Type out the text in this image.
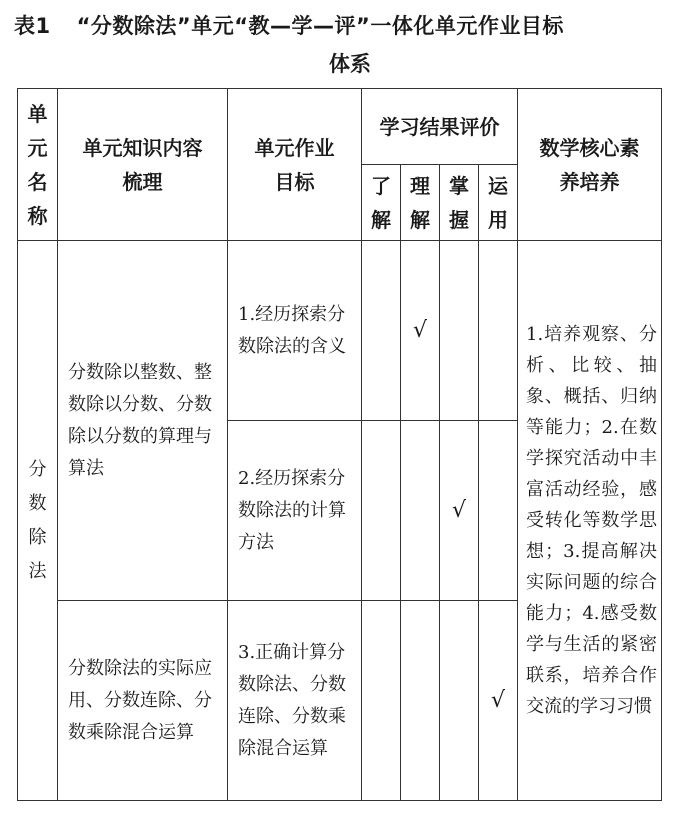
表1 “分数除法”单元“教—学—评”一体化单元作业目标
体系
单元名称	单元知识内容梳理	单元作业目标	学习结果评价				数学核心素养培养

			了解	理解	掌握	运用	

分数除法	分数除以整数、整数除以分数、分数除以分数的算理与算法	1.经历探索分数除法的含义		√			1.培养观察、分析、比较、抽象、概括、归纳等能力；2.在数学探究活动中丰富活动经验，感受转化等数学思想；3.提高解决实际问题的综合能力；4.感受数学与生活的紧密联系，培养合作交流的学习习惯

		2.经历探索分数除法的计算方法			√		

	分数除法的实际应用、分数连除、分数乘除混合运算	3.正确计算分数除法、分数连除、分数乘除混合运算				√	
